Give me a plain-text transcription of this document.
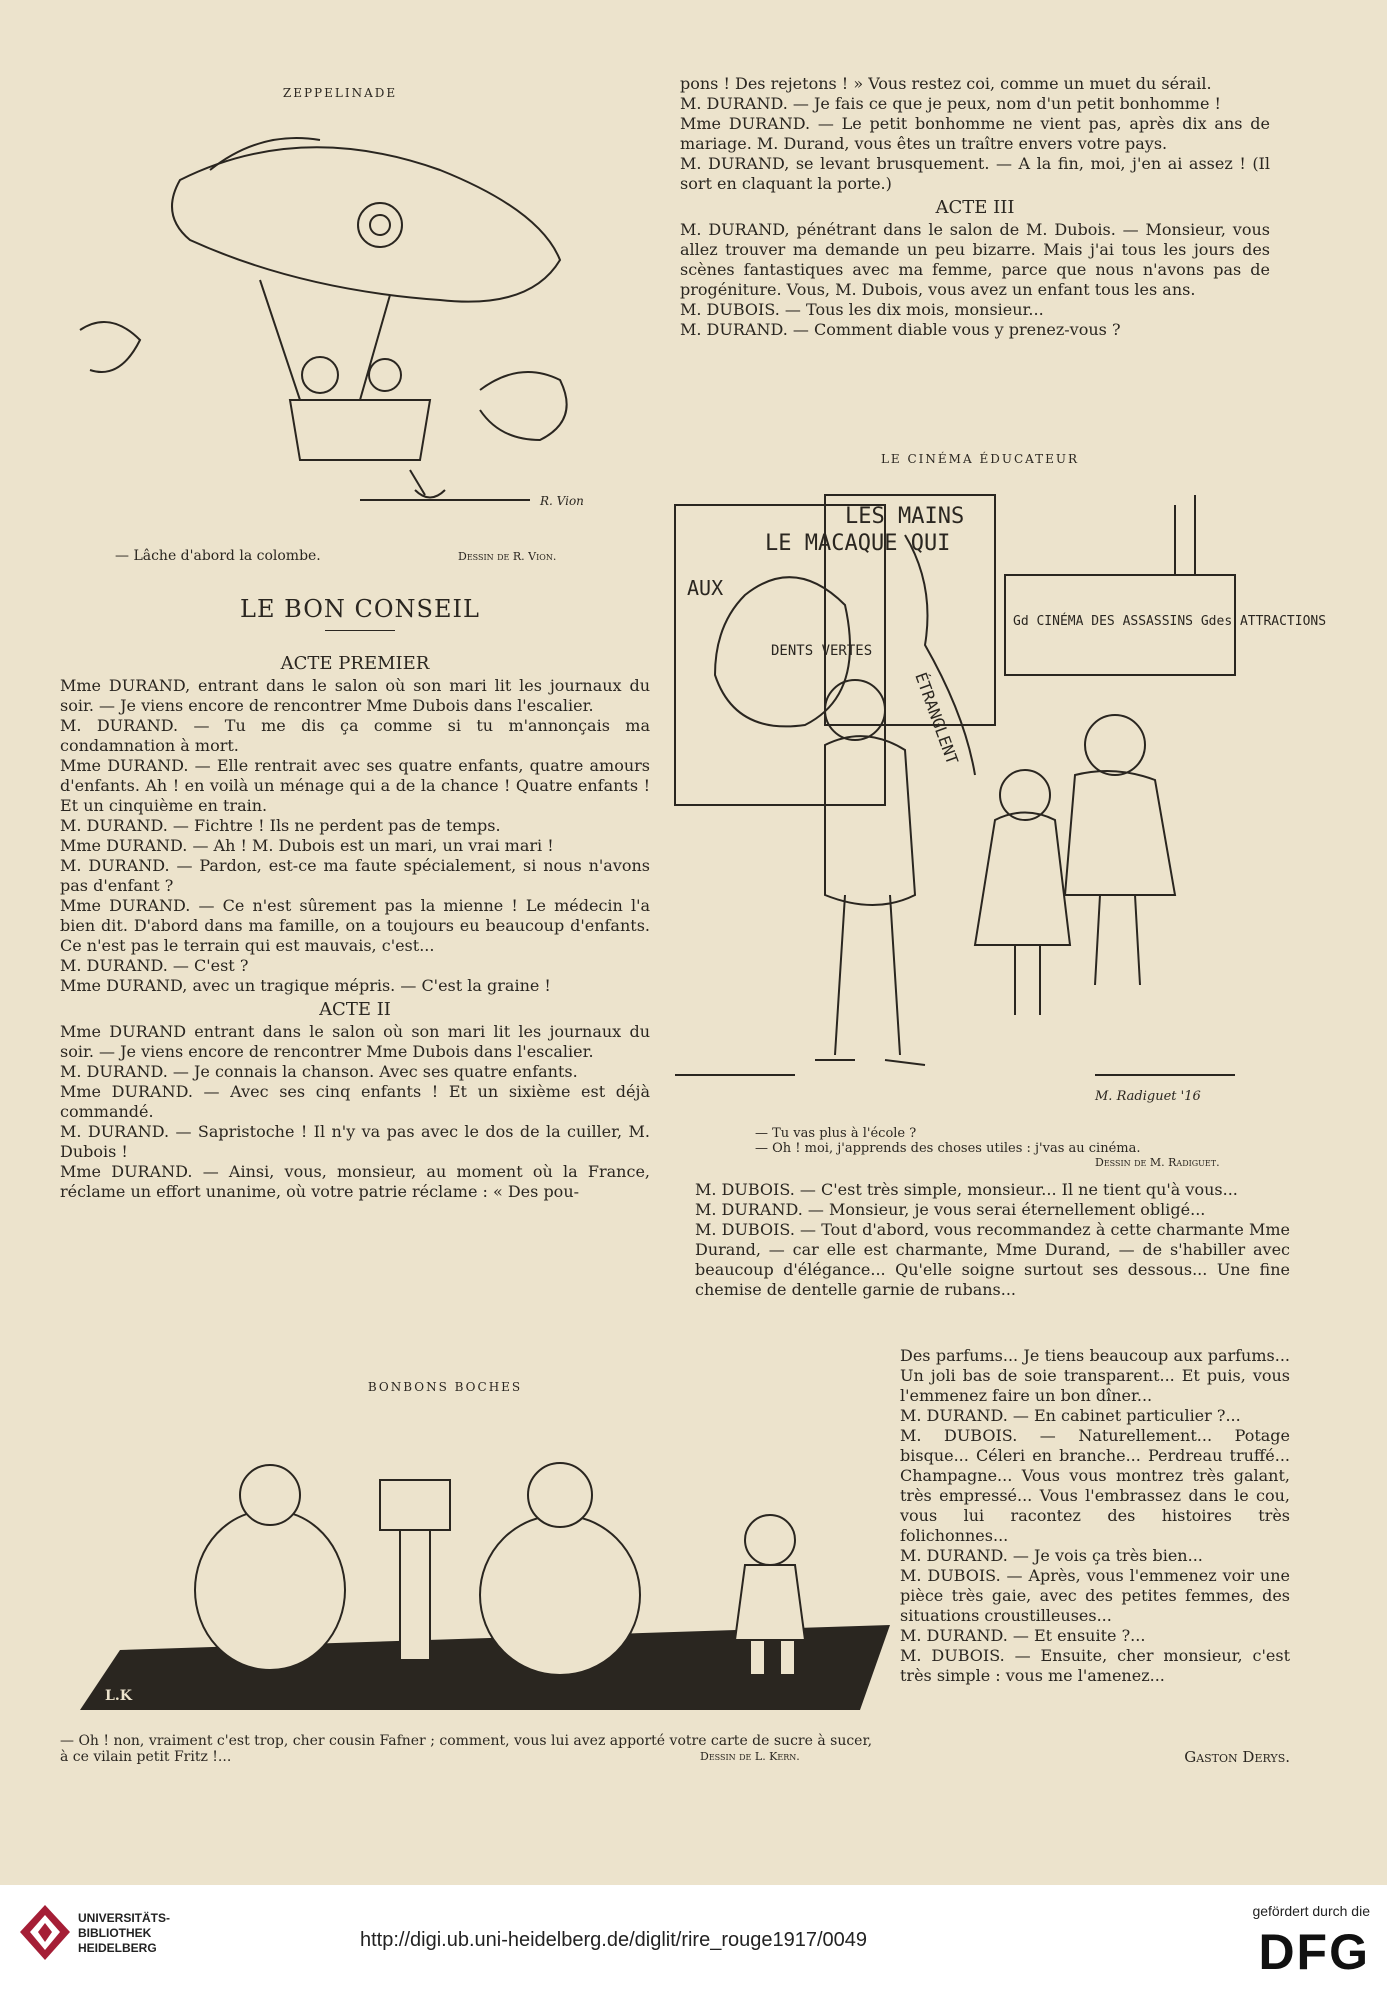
ZEPPELINADE
R. Vion
— Lâche d'abord la colombe.	Dessin de R. Vion.
LE BON CONSEIL
ACTE PREMIER

Mme DURAND, entrant dans le salon où son mari lit les journaux du soir. — Je viens encore de rencontrer Mme Dubois dans l'escalier.

M. DURAND. — Tu me dis ça comme si tu m'annonçais ma condamnation à mort.

Mme DURAND. — Elle rentrait avec ses quatre enfants, quatre amours d'enfants. Ah ! en voilà un ménage qui a de la chance ! Quatre enfants ! Et un cinquième en train.

M. DURAND. — Fichtre ! Ils ne perdent pas de temps.

Mme DURAND. — Ah ! M. Dubois est un mari, un vrai mari !

M. DURAND. — Pardon, est-ce ma faute spécialement, si nous n'avons pas d'enfant ?

Mme DURAND. — Ce n'est sûrement pas la mienne ! Le médecin l'a bien dit. D'abord dans ma famille, on a toujours eu beaucoup d'enfants. Ce n'est pas le terrain qui est mauvais, c'est...

M. DURAND. — C'est ?

Mme DURAND, avec un tragique mépris. — C'est la graine !

ACTE II

Mme DURAND entrant dans le salon où son mari lit les journaux du soir. — Je viens encore de rencontrer Mme Dubois dans l'escalier.

M. DURAND. — Je connais la chanson. Avec ses quatre enfants.

Mme DURAND. — Avec ses cinq enfants ! Et un sixième est déjà commandé.

M. DURAND. — Sapristoche ! Il n'y va pas avec le dos de la cuiller, M. Dubois !

Mme DURAND. — Ainsi, vous, monsieur, au moment où la France, réclame un effort unanime, où votre patrie réclame : « Des pou-

pons ! Des rejetons ! » Vous restez coi, comme un muet du sérail.

M. DURAND. — Je fais ce que je peux, nom d'un petit bonhomme !

Mme DURAND. — Le petit bonhomme ne vient pas, après dix ans de mariage. M. Durand, vous êtes un traître envers votre pays.

M. DURAND, se levant brusquement. — A la fin, moi, j'en ai assez ! (Il sort en claquant la porte.)

ACTE III

M. DURAND, pénétrant dans le salon de M. Dubois. — Monsieur, vous allez trouver ma demande un peu bizarre. Mais j'ai tous les jours des scènes fantastiques avec ma femme, parce que nous n'avons pas de progéniture. Vous, M. Dubois, vous avez un enfant tous les ans.

M. DUBOIS. — Tous les dix mois, monsieur...

M. DURAND. — Comment diable vous y prenez-vous ?

LE CINÉMA ÉDUCATEUR
LE MACAQUE QUI
AUX
DENTS VERTES
LES MAINS
ÉTRANGLENT
Gd CINÉMA DES ASSASSINS Gdes ATTRACTIONS
M. Radiguet '16
— Tu vas plus à l'école ?
— Oh ! moi, j'apprends des choses utiles : j'vas au cinéma.
Dessin de M. Radiguet.

M. DUBOIS. — C'est très simple, monsieur... Il ne tient qu'à vous...

M. DURAND. — Monsieur, je vous serai éternellement obligé...

M. DUBOIS. — Tout d'abord, vous recommandez à cette charmante Mme Durand, — car elle est charmante, Mme Durand, — de s'habiller avec beaucoup d'élégance... Qu'elle soigne surtout ses dessous... Une fine chemise de dentelle garnie de rubans...

Des parfums... Je tiens beaucoup aux parfums... Un joli bas de soie transparent... Et puis, vous l'emmenez faire un bon dîner...

M. DURAND. — En cabinet particulier ?...

M. DUBOIS. — Naturellement... Potage bisque... Céleri en branche... Perdreau truffé... Champagne... Vous vous montrez très galant, très empressé... Vous l'embrassez dans le cou, vous lui racontez des histoires très folichonnes...

M. DURAND. — Je vois ça très bien...

M. DUBOIS. — Après, vous l'emmenez voir une pièce très gaie, avec des petites femmes, des situations croustilleuses...

M. DURAND. — Et ensuite ?...

M. DUBOIS. — Ensuite, cher monsieur, c'est très simple : vous me l'amenez...

Gaston Derys.
BONBONS BOCHES
L.K
— Oh ! non, vraiment c'est trop, cher cousin Fafner ; comment, vous lui avez apporté votre carte de sucre à sucer, à ce vilain petit Fritz !...	Dessin de L. Kern.
UNIVERSITÄTS-BIBLIOTHEK HEIDELBERG	http://digi.ub.uni-heidelberg.de/diglit/rire_rouge1917/0049
gefördert durch die
DFG
